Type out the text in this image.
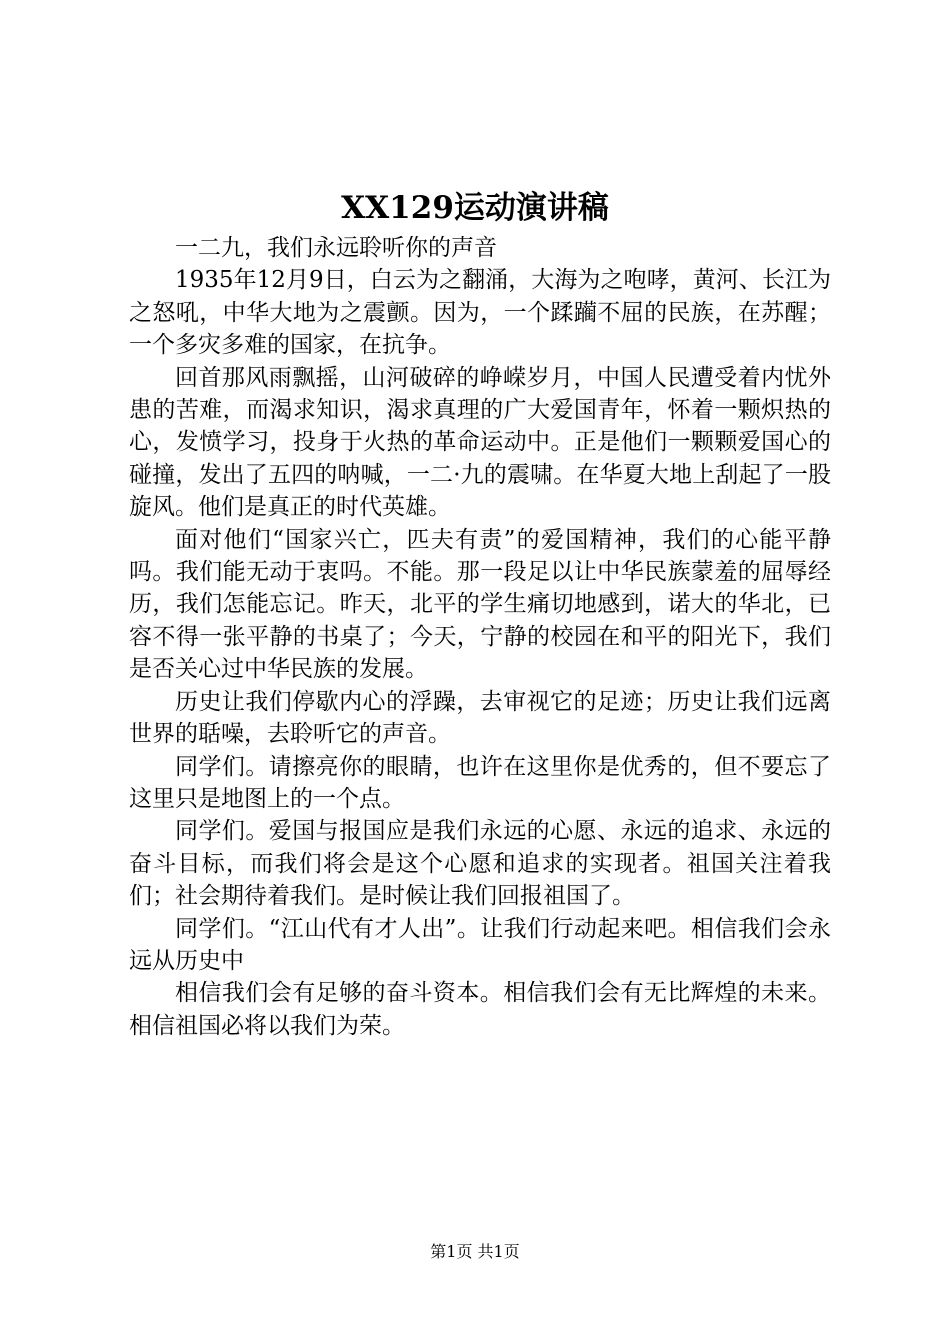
XX129运动演讲稿

一二九，我们永远聆听你的声音

1935年12月9日，白云为之翻涌，大海为之咆哮，黄河、长江为之怒吼，中华大地为之震颤。因为，一个蹂躏不屈的民族，在苏醒；一个多灾多难的国家，在抗争。

回首那风雨飘摇，山河破碎的峥嵘岁月，中国人民遭受着内忧外患的苦难，而渴求知识，渴求真理的广大爱国青年，怀着一颗炽热的心，发愤学习，投身于火热的革命运动中。正是他们一颗颗爱国心的碰撞，发出了五四的呐喊，一二·九的震啸。在华夏大地上刮起了一股旋风。他们是真正的时代英雄。

面对他们“国家兴亡，匹夫有责”的爱国精神，我们的心能平静吗。我们能无动于衷吗。不能。那一段足以让中华民族蒙羞的屈辱经历，我们怎能忘记。昨天，北平的学生痛切地感到，诺大的华北，已容不得一张平静的书桌了；今天，宁静的校园在和平的阳光下，我们是否关心过中华民族的发展。

历史让我们停歇内心的浮躁，去审视它的足迹；历史让我们远离世界的聒噪，去聆听它的声音。

同学们。请擦亮你的眼睛，也许在这里你是优秀的，但不要忘了这里只是地图上的一个点。

同学们。爱国与报国应是我们永远的心愿、永远的追求、永远的奋斗目标，而我们将会是这个心愿和追求的实现者。祖国关注着我们；社会期待着我们。是时候让我们回报祖国了。

同学们。“江山代有才人出”。让我们行动起来吧。相信我们会永远从历史中

相信我们会有足够的奋斗资本。相信我们会有无比辉煌的未来。相信祖国必将以我们为荣。

第1页 共1页
